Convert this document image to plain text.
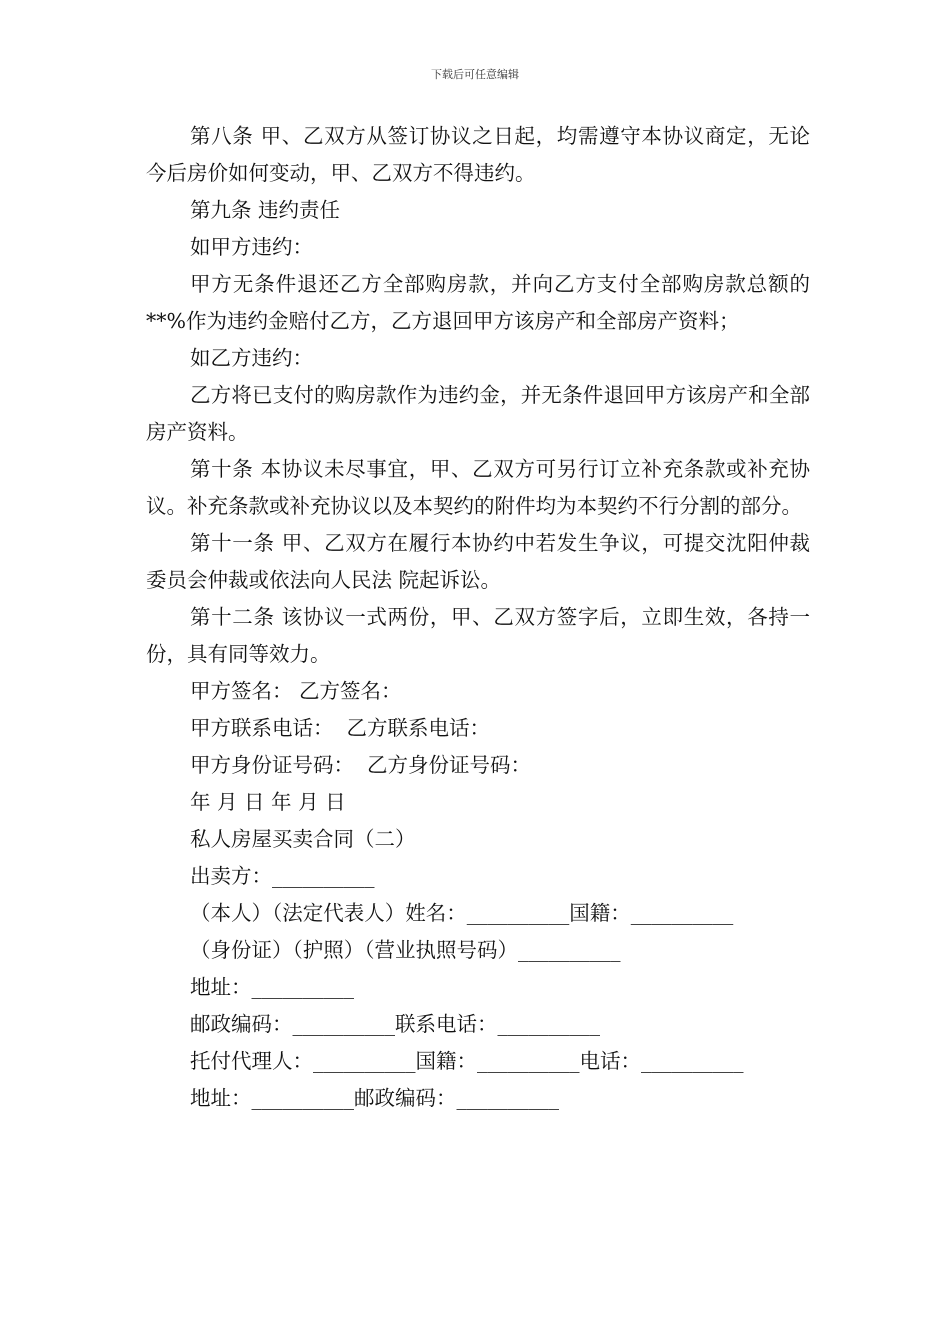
下载后可任意编辑

第八条 甲、乙双方从签订协议之日起，均需遵守本协议商定，无论今后房价如何变动，甲、乙双方不得违约。

第九条 违约责任

如甲方违约：

甲方无条件退还乙方全部购房款，并向乙方支付全部购房款总额的**%作为违约金赔付乙方，乙方退回甲方该房产和全部房产资料；

如乙方违约：

乙方将已支付的购房款作为违约金，并无条件退回甲方该房产和全部房产资料。

第十条 本协议未尽事宜，甲、乙双方可另行订立补充条款或补充协议。补充条款或补充协议以及本契约的附件均为本契约不行分割的部分。

第十一条 甲、乙双方在履行本协约中若发生争议，可提交沈阳仲裁委员会仲裁或依法向人民法 院起诉讼。

第十二条 该协议一式两份，甲、乙双方签字后，立即生效，各持一份，具有同等效力。

甲方签名： 乙方签名：

甲方联系电话：  乙方联系电话：

甲方身份证号码：  乙方身份证号码：

年 月 日 年 月 日

私人房屋买卖合同（二）

出卖方：__________

（本人）（法定代表人）姓名：__________国籍：__________

（身份证）（护照）（营业执照号码）__________

地址：__________

邮政编码：__________联系电话：__________

托付代理人：__________国籍：__________电话：__________

地址：__________邮政编码：__________
